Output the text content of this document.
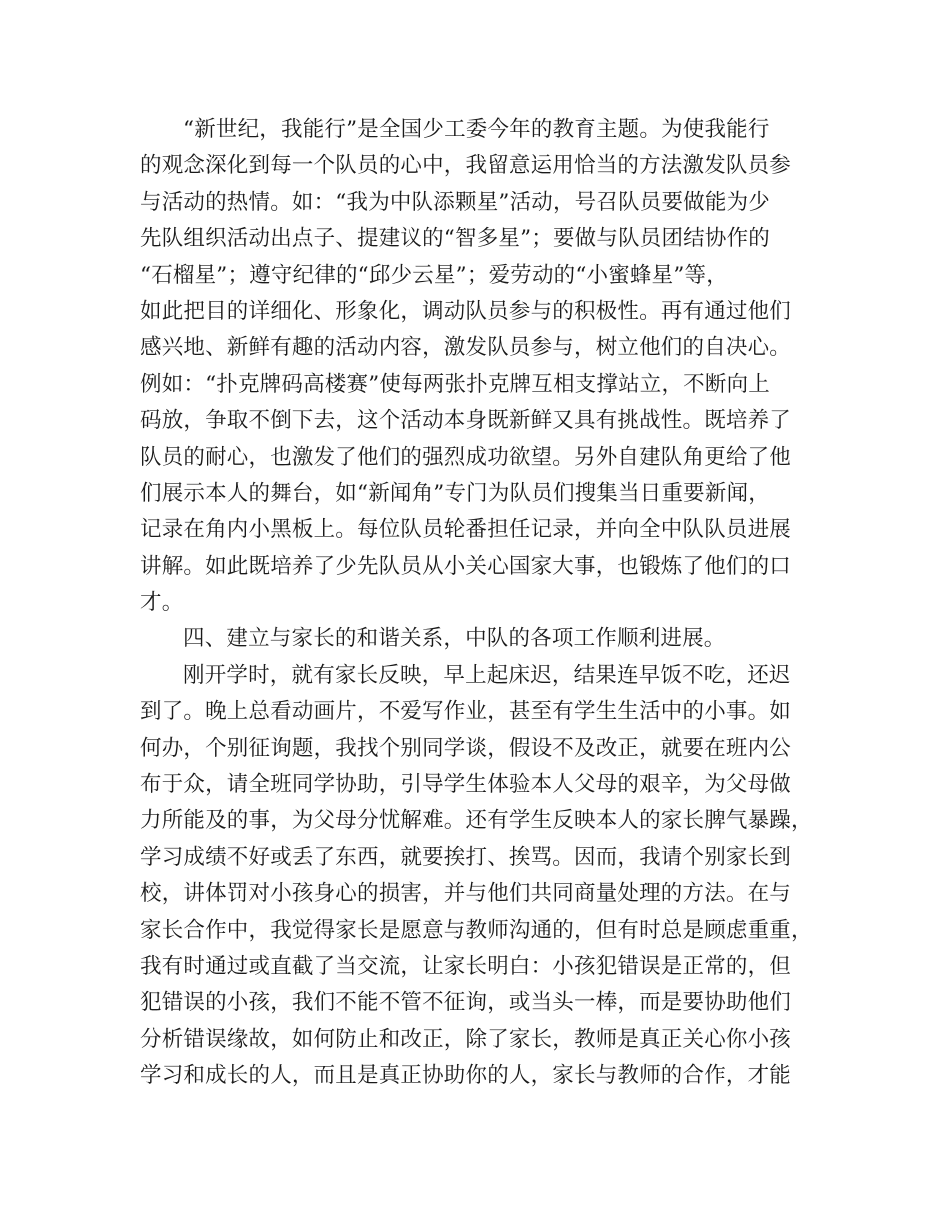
“新世纪，我能行”是全国少工委今年的教育主题。为使我能行
的观念深化到每一个队员的心中，我留意运用恰当的方法激发队员参
与活动的热情。如：“我为中队添颗星”活动，号召队员要做能为少
先队组织活动出点子、提建议的“智多星”；要做与队员团结协作的
“石榴星”；遵守纪律的“邱少云星”；爱劳动的“小蜜蜂星”等，
如此把目的详细化、形象化，调动队员参与的积极性。再有通过他们
感兴地、新鲜有趣的活动内容，激发队员参与，树立他们的自决心。
例如：“扑克牌码高楼赛”使每两张扑克牌互相支撑站立，不断向上
码放，争取不倒下去，这个活动本身既新鲜又具有挑战性。既培养了
队员的耐心，也激发了他们的强烈成功欲望。另外自建队角更给了他
们展示本人的舞台，如“新闻角”专门为队员们搜集当日重要新闻，
记录在角内小黑板上。每位队员轮番担任记录，并向全中队队员进展
讲解。如此既培养了少先队员从小关心国家大事，也锻炼了他们的口
才。
四、建立与家长的和谐关系，中队的各项工作顺利进展。
刚开学时，就有家长反映，早上起床迟，结果连早饭不吃，还迟
到了。晚上总看动画片，不爱写作业，甚至有学生生活中的小事。如
何办，个别征询题，我找个别同学谈，假设不及改正，就要在班内公
布于众，请全班同学协助，引导学生体验本人父母的艰辛，为父母做
力所能及的事，为父母分忧解难。还有学生反映本人的家长脾气暴躁，
学习成绩不好或丢了东西，就要挨打、挨骂。因而，我请个别家长到
校，讲体罚对小孩身心的损害，并与他们共同商量处理的方法。在与
家长合作中，我觉得家长是愿意与教师沟通的，但有时总是顾虑重重，
我有时通过或直截了当交流，让家长明白：小孩犯错误是正常的，但
犯错误的小孩，我们不能不管不征询，或当头一棒，而是要协助他们
分析错误缘故，如何防止和改正，除了家长，教师是真正关心你小孩
学习和成长的人，而且是真正协助你的人，家长与教师的合作，才能
